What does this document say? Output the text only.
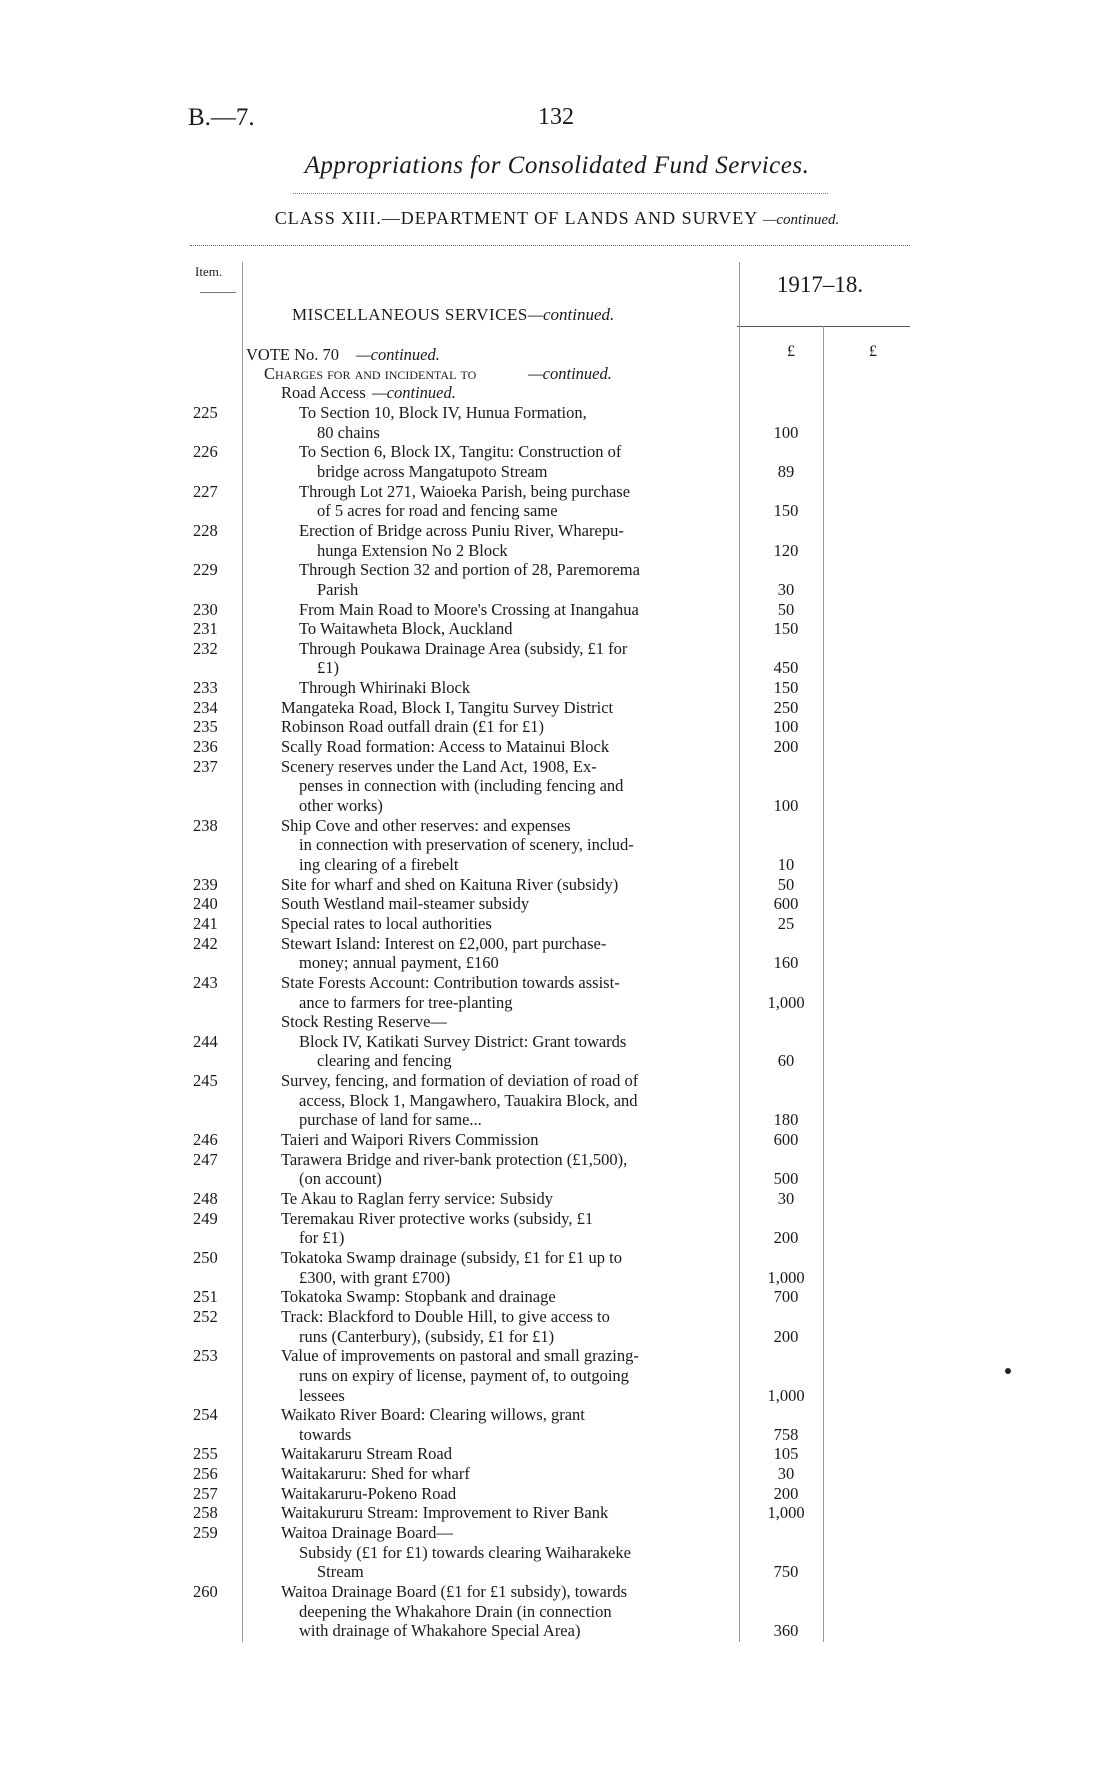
B.—7.	132
Appropriations for Consolidated Fund Services.
CLASS XIII.—DEPARTMENT OF LANDS AND SURVEY —continued.
Item.
1917–18.
MISCELLANEOUS SERVICES—continued.
£	£
VOTE No. 70 —continued.
Charges for and incidental to	—continued.
Road Access —continued.
225	To Section 10, Block IV, Hunua Formation,
80 chains	100
226	To Section 6, Block IX, Tangitu: Construction of
bridge across Mangatupoto Stream	89
227	Through Lot 271, Waioeka Parish, being purchase
of 5 acres for road and fencing same	150
228	Erection of Bridge across Puniu River, Wharepu-
hunga Extension No 2 Block	120
229	Through Section 32 and portion of 28, Paremorema
Parish	30
230	From Main Road to Moore's Crossing at Inangahua	50
231	To Waitawheta Block, Auckland	150
232	Through Poukawa Drainage Area (subsidy, £1 for
£1)	450
233	Through Whirinaki Block	150
234	Mangateka Road, Block I, Tangitu Survey District	250
235	Robinson Road outfall drain (£1 for £1)	100
236	Scally Road formation: Access to Matainui Block	200
237	Scenery reserves under the Land Act, 1908, Ex-
penses in connection with (including fencing and
other works)	100
238	Ship Cove and other reserves: and expenses
in connection with preservation of scenery, includ-
ing clearing of a firebelt	10
239	Site for wharf and shed on Kaituna River (subsidy)	50
240	South Westland mail-steamer subsidy	600
241	Special rates to local authorities	25
242	Stewart Island: Interest on £2,000, part purchase-
money; annual payment, £160	160
243	State Forests Account: Contribution towards assist-
ance to farmers for tree-planting	1,000
Stock Resting Reserve—
244	Block IV, Katikati Survey District: Grant towards
clearing and fencing	60
245	Survey, fencing, and formation of deviation of road of
access, Block 1, Mangawhero, Tauakira Block, and
purchase of land for same...	180
246	Taieri and Waipori Rivers Commission	600
247	Tarawera Bridge and river-bank protection (£1,500),
(on account)	500
248	Te Akau to Raglan ferry service: Subsidy	30
249	Teremakau River protective works (subsidy, £1
for £1)	200
250	Tokatoka Swamp drainage (subsidy, £1 for £1 up to
£300, with grant £700)	1,000
251	Tokatoka Swamp: Stopbank and drainage	700
252	Track: Blackford to Double Hill, to give access to
runs (Canterbury), (subsidy, £1 for £1)	200
253	Value of improvements on pastoral and small grazing-
runs on expiry of license, payment of, to outgoing
lessees	1,000
254	Waikato River Board: Clearing willows, grant
towards	758
255	Waitakaruru Stream Road	105
256	Waitakaruru: Shed for wharf	30
257	Waitakaruru-Pokeno Road	200
258	Waitakururu Stream: Improvement to River Bank	1,000
259	Waitoa Drainage Board—
Subsidy (£1 for £1) towards clearing Waiharakeke
Stream	750
260	Waitoa Drainage Board (£1 for £1 subsidy), towards
deepening the Whakahore Drain (in connection
with drainage of Whakahore Special Area)	360
